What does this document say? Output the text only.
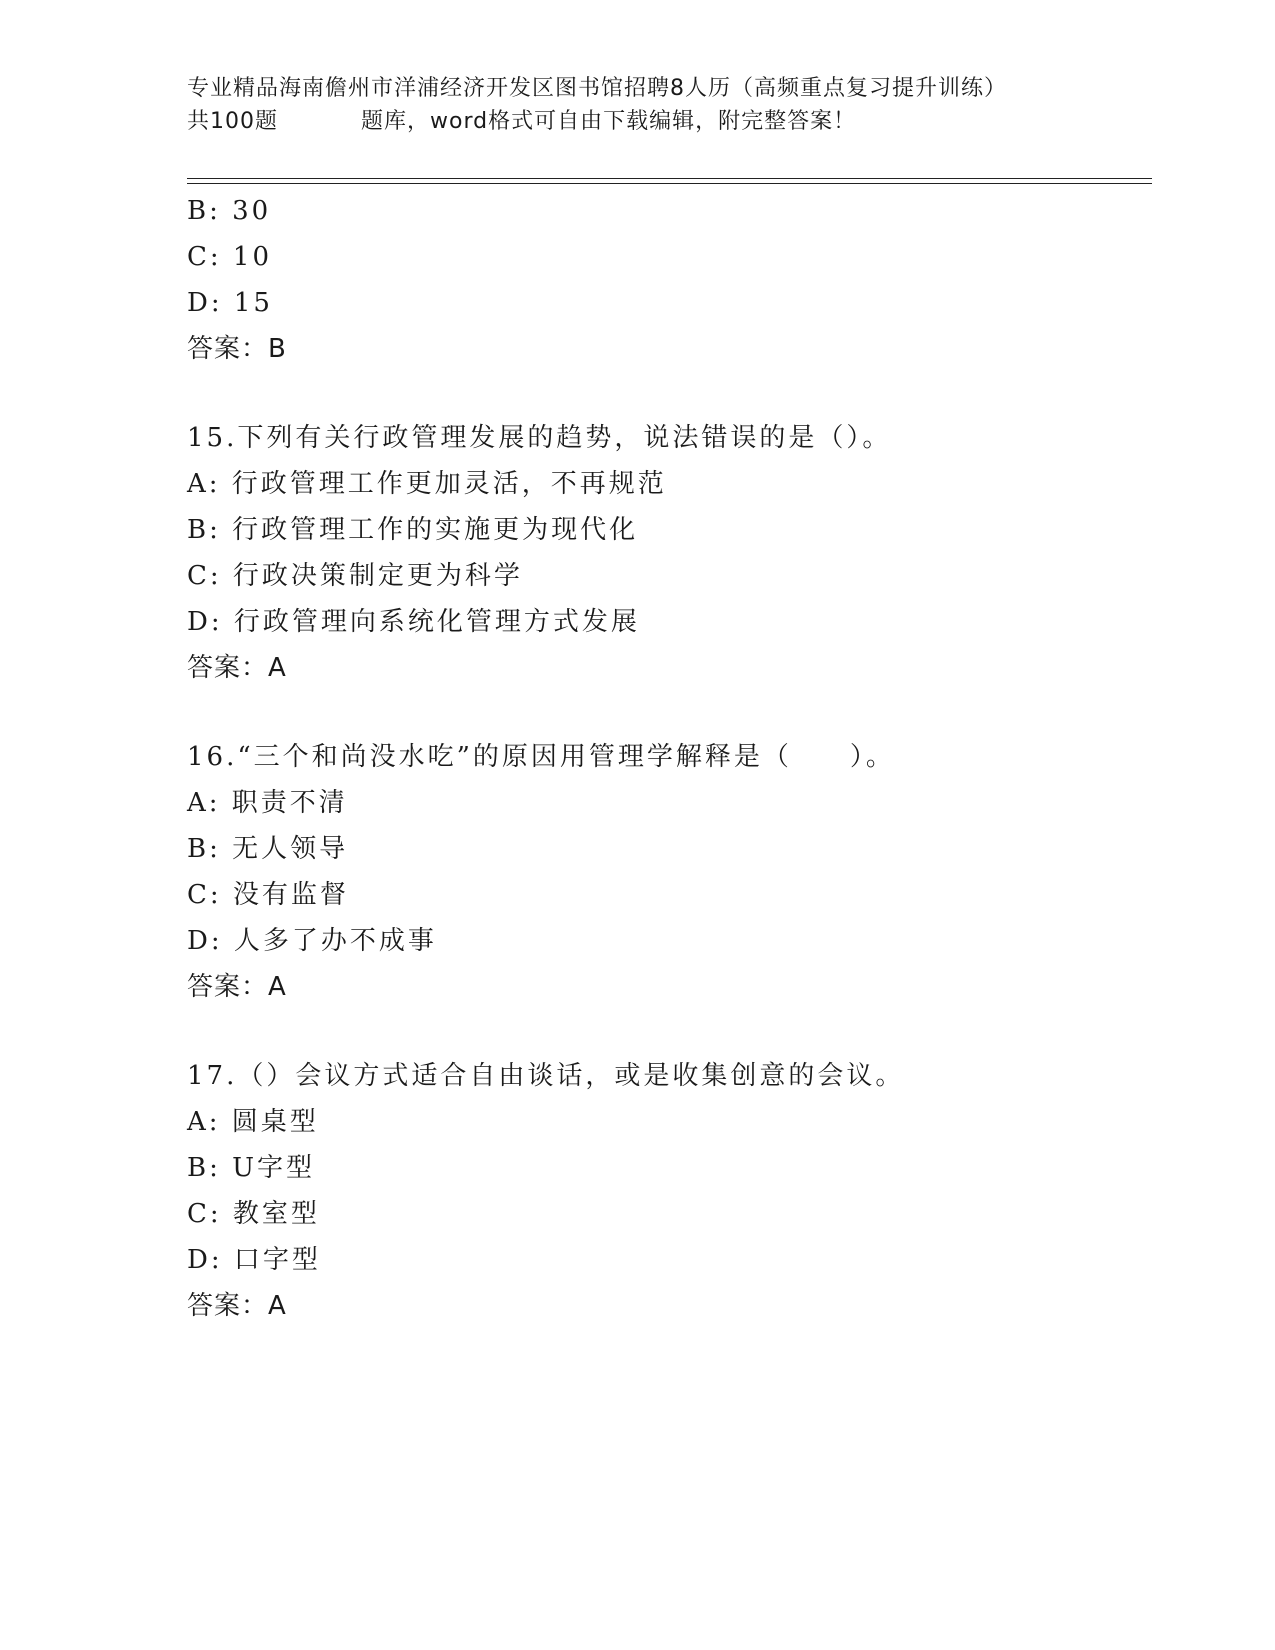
专业精品海南儋州市洋浦经济开发区图书馆招聘8人历（高频重点复习提升训练）
共100题	题库，word格式可自由下载编辑，附完整答案！
B: 30
C: 10
D: 15
答案：B
15.下列有关行政管理发展的趋势，说法错误的是（）。
A: 行政管理工作更加灵活，不再规范
B: 行政管理工作的实施更为现代化
C: 行政决策制定更为科学
D: 行政管理向系统化管理方式发展
答案：A
16.“三个和尚没水吃”的原因用管理学解释是（　　）。
A: 职责不清
B: 无人领导
C: 没有监督
D: 人多了办不成事
答案：A
17.（）会议方式适合自由谈话，或是收集创意的会议。
A: 圆桌型
B: U字型
C: 教室型
D: 口字型
答案：A
